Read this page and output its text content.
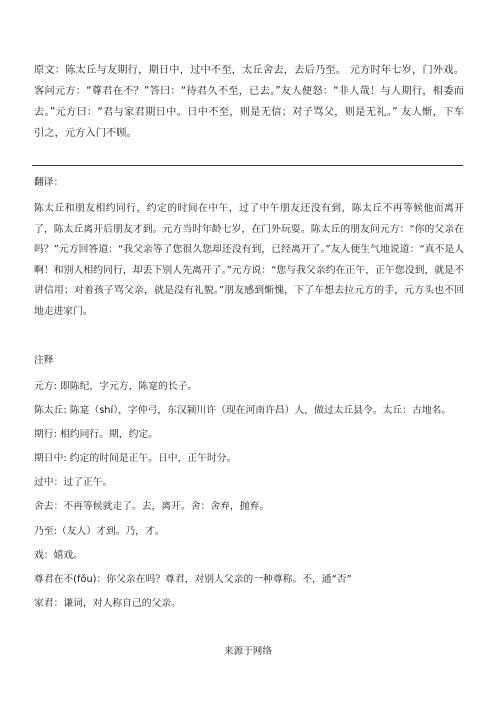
原文：陈太丘与友期行，期日中，过中不至，太丘舍去，去后乃至。 元方时年七岁，门外戏。客问元方：“尊君在不？”答曰：“待君久不至，已去。”友人便怒：“非人哉！与人期行，相委而去。”元方曰：“君与家君期日中。日中不至，则是无信；对子骂父，则是无礼。” 友人惭，下车引之，元方入门不顾。
翻译：
陈太丘和朋友相约同行，约定的时间在中午，过了中午朋友还没有到，陈太丘不再等候他而离开了，陈太丘离开后朋友才到。元方当时年龄七岁，在门外玩耍。陈太丘的朋友问元方：“你的父亲在吗？”元方回答道：“我父亲等了您很久您却还没有到，已经离开了。”友人便生气地说道：“真不是人啊！和别人相约同行，却丢下别人先离开了。”元方说：“您与我父亲约在正午，正午您没到，就是不讲信用；对着孩子骂父亲，就是没有礼貌。”朋友感到惭愧，下了车想去拉元方的手，元方头也不回地走进家门。
注释
元方: 即陈纪，字元方，陈寔的长子。
陈太丘: 陈寔（shí），字仲弓，东汉颍川许（现在河南许昌）人，做过太丘县令。太丘：古地名。
期行: 相约同行。期，约定。
期日中: 约定的时间是正午。日中，正午时分。
过中：过了正午。
舍去：不再等候就走了。去，离开。舍：舍弃，抛弃。
乃至:（友人）才到。乃，才。
戏：嬉戏。
尊君在不(fǒu)：你父亲在吗？尊君，对别人父亲的一种尊称。不，通“否”
家君：谦词，对人称自己的父亲。
来源于网络
